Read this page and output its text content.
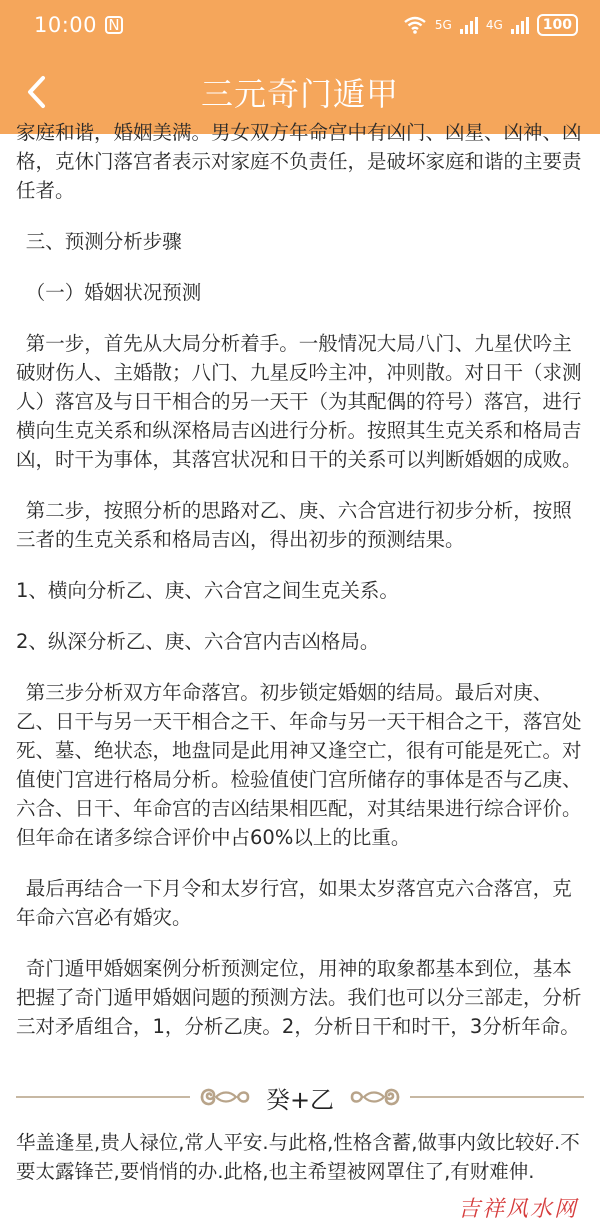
10:00 N	5G	4G	100
三元奇门遁甲

家庭和谐，婚姻美满。男女双方年命宫中有凶门、凶星、凶神、凶格，克休门落宫者表示对家庭不负责任，是破坏家庭和谐的主要责任者。

三、预测分析步骤

（一）婚姻状况预测

第一步，首先从大局分析着手。一般情况大局八门、九星伏吟主破财伤人、主婚散；八门、九星反吟主冲，冲则散。对日干（求测人）落宫及与日干相合的另一天干（为其配偶的符号）落宫，进行横向生克关系和纵深格局吉凶进行分析。按照其生克关系和格局吉凶，时干为事体，其落宫状况和日干的关系可以判断婚姻的成败。

第二步，按照分析的思路对乙、庚、六合宫进行初步分析，按照三者的生克关系和格局吉凶，得出初步的预测结果。

1、横向分析乙、庚、六合宫之间生克关系。

2、纵深分析乙、庚、六合宫内吉凶格局。

第三步分析双方年命落宫。初步锁定婚姻的结局。最后对庚、乙、日干与另一天干相合之干、年命与另一天干相合之干，落宫处死、墓、绝状态，地盘同是此用神又逢空亡，很有可能是死亡。对值使门宫进行格局分析。检验值使门宫所储存的事体是否与乙庚、六合、日干、年命宫的吉凶结果相匹配，对其结果进行综合评价。但年命在诸多综合评价中占60%以上的比重。

最后再结合一下月令和太岁行宫，如果太岁落宫克六合落宫，克年命六宫必有婚灾。

奇门遁甲婚姻案例分析预测定位，用神的取象都基本到位，基本把握了奇门遁甲婚姻问题的预测方法。我们也可以分三部走，分析三对矛盾组合，1，分析乙庚。2，分析日干和时干，3分析年命。

癸+乙
华盖逢星,贵人禄位,常人平安.与此格,性格含蓄,做事内敛比较好.不要太露锋芒,要悄悄的办.此格,也主希望被网罩住了,有财难伸.
吉祥风水网
